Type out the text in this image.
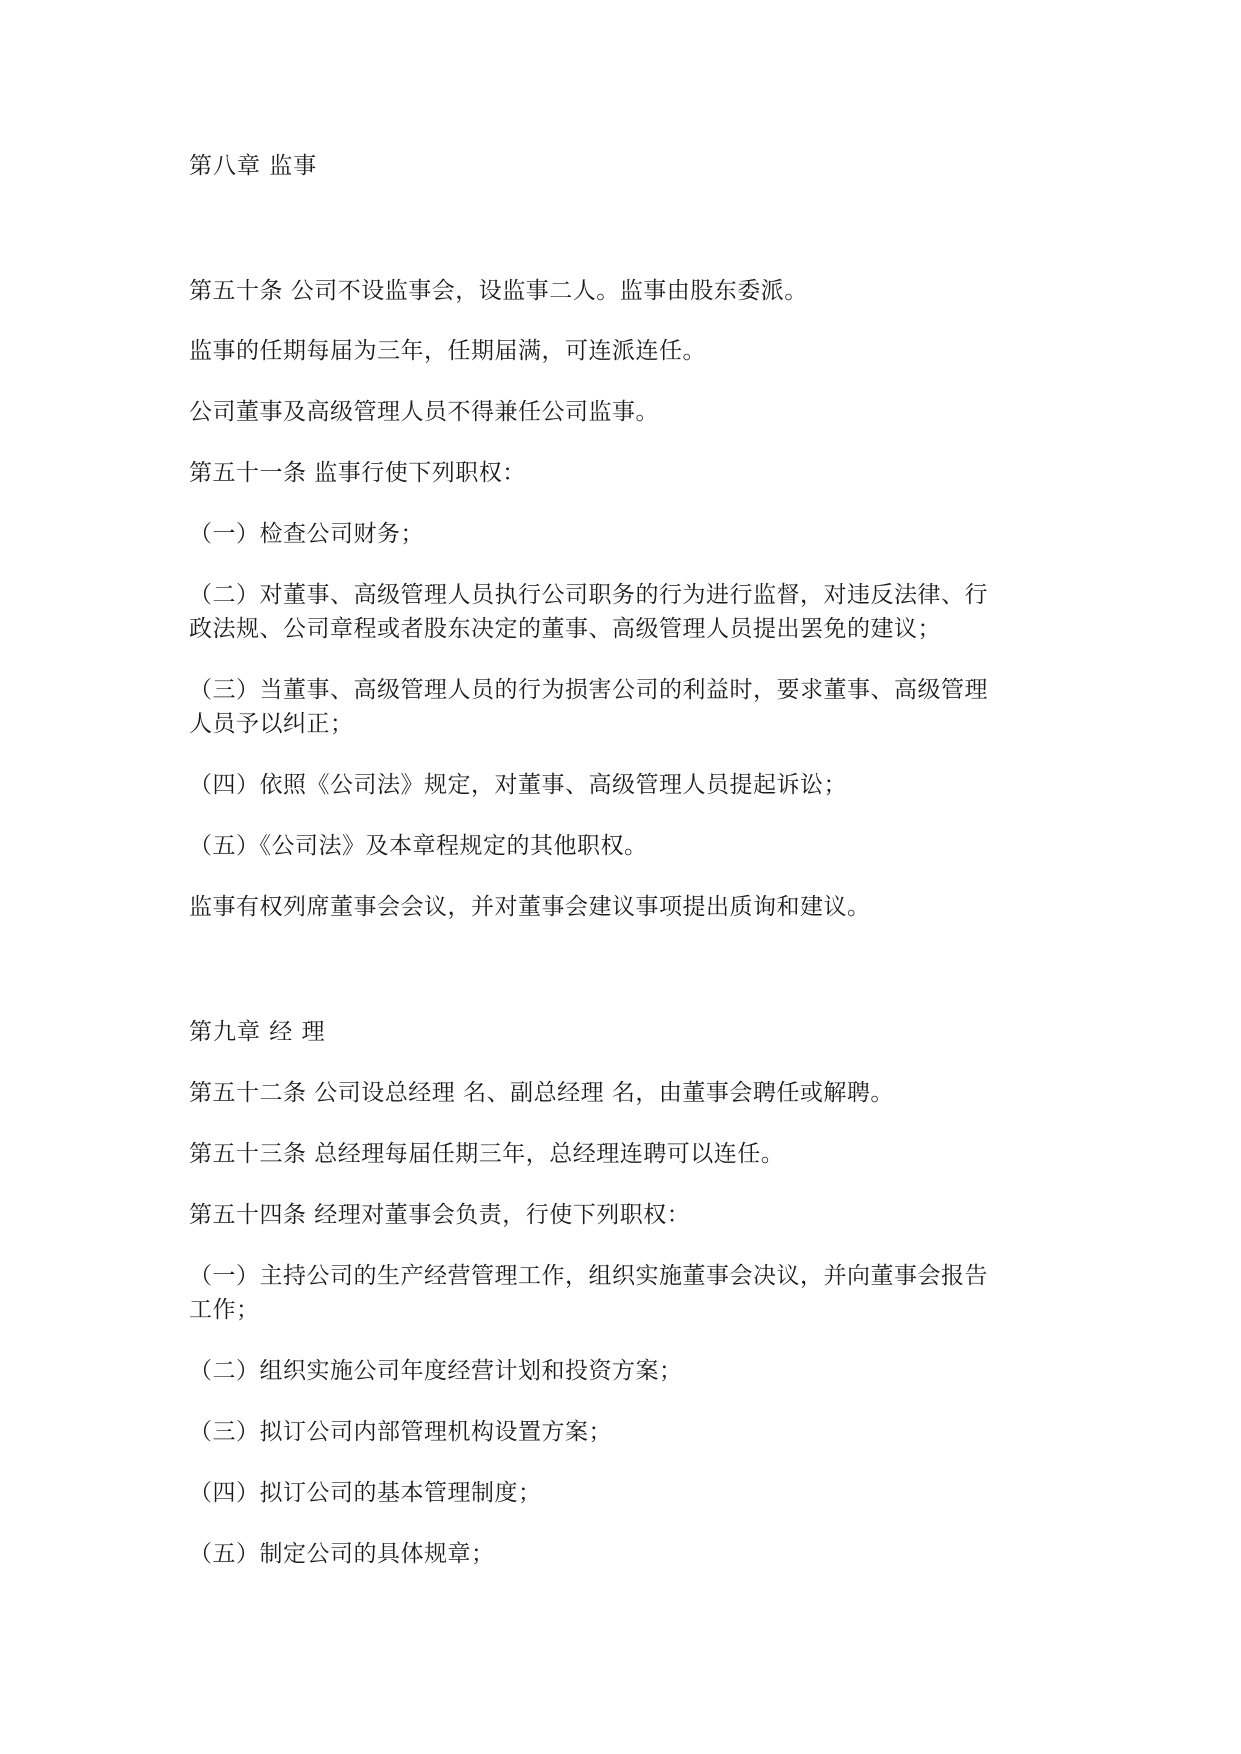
第八章 监事
第五十条 公司不设监事会，设监事二人。监事由股东委派。
监事的任期每届为三年，任期届满，可连派连任。
公司董事及高级管理人员不得兼任公司监事。
第五十一条 监事行使下列职权：
（一）检查公司财务；
（二）对董事、高级管理人员执行公司职务的行为进行监督，对违反法律、行
政法规、公司章程或者股东决定的董事、高级管理人员提出罢免的建议；
（三）当董事、高级管理人员的行为损害公司的利益时，要求董事、高级管理
人员予以纠正；
（四）依照《公司法》规定，对董事、高级管理人员提起诉讼；
（五）《公司法》及本章程规定的其他职权。
监事有权列席董事会会议，并对董事会建议事项提出质询和建议。
第九章 经 理
第五十二条 公司设总经理 名、副总经理 名，由董事会聘任或解聘。
第五十三条 总经理每届任期三年，总经理连聘可以连任。
第五十四条 经理对董事会负责，行使下列职权：
（一）主持公司的生产经营管理工作，组织实施董事会决议，并向董事会报告
工作；
（二）组织实施公司年度经营计划和投资方案；
（三）拟订公司内部管理机构设置方案；
（四）拟订公司的基本管理制度；
（五）制定公司的具体规章；
